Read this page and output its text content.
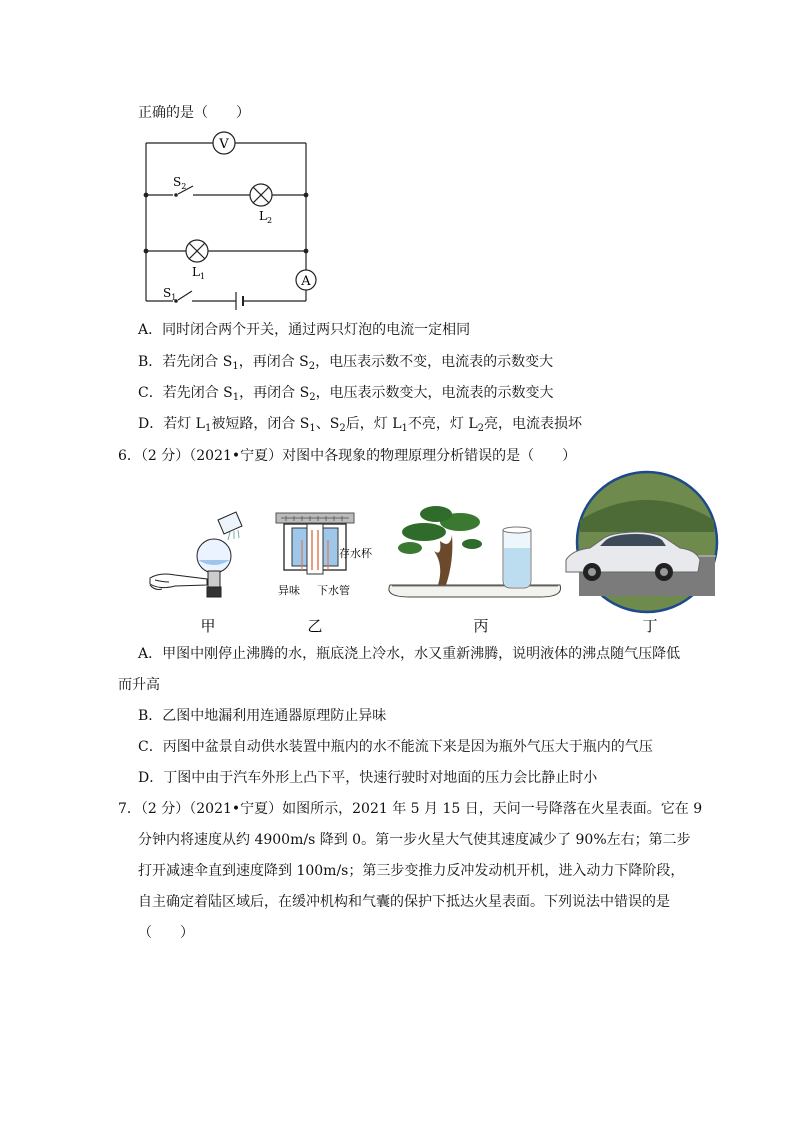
正确的是（　　）
V
A
$S_2$
$L_2$
$L_1$
$S_1$
A．同时闭合两个开关，通过两只灯泡的电流一定相同
B．若先闭合 $S_1$，再闭合 $S_2$，电压表示数不变，电流表的示数变大
C．若先闭合 $S_1$，再闭合 $S_2$，电压表示数变大，电流表的示数变大
D．若灯 $L_1$被短路，闭合 $S_1$、$S_2$后，灯 $L_1$不亮，灯 $L_2$亮，电流表损坏
6．（2 分）（2021•宁夏）对图中各现象的物理原理分析错误的是（　　）
存水杯
异味 下水管
甲	乙	丙	丁
A．甲图中刚停止沸腾的水，瓶底浇上冷水，水又重新沸腾，说明液体的沸点随气压降低
而升高
B．乙图中地漏利用连通器原理防止异味
C．丙图中盆景自动供水装置中瓶内的水不能流下来是因为瓶外气压大于瓶内的气压
D．丁图中由于汽车外形上凸下平，快速行驶时对地面的压力会比静止时小
7．（2 分）（2021•宁夏）如图所示，2021 年 5 月 15 日，天问一号降落在火星表面。它在 9
分钟内将速度从约 4900m/s 降到 0。第一步火星大气使其速度减少了 90%左右；第二步
打开减速伞直到速度降到 100m/s；第三步变推力反冲发动机开机，进入动力下降阶段，
自主确定着陆区域后，在缓冲机构和气囊的保护下抵达火星表面。下列说法中错误的是
（　　）
